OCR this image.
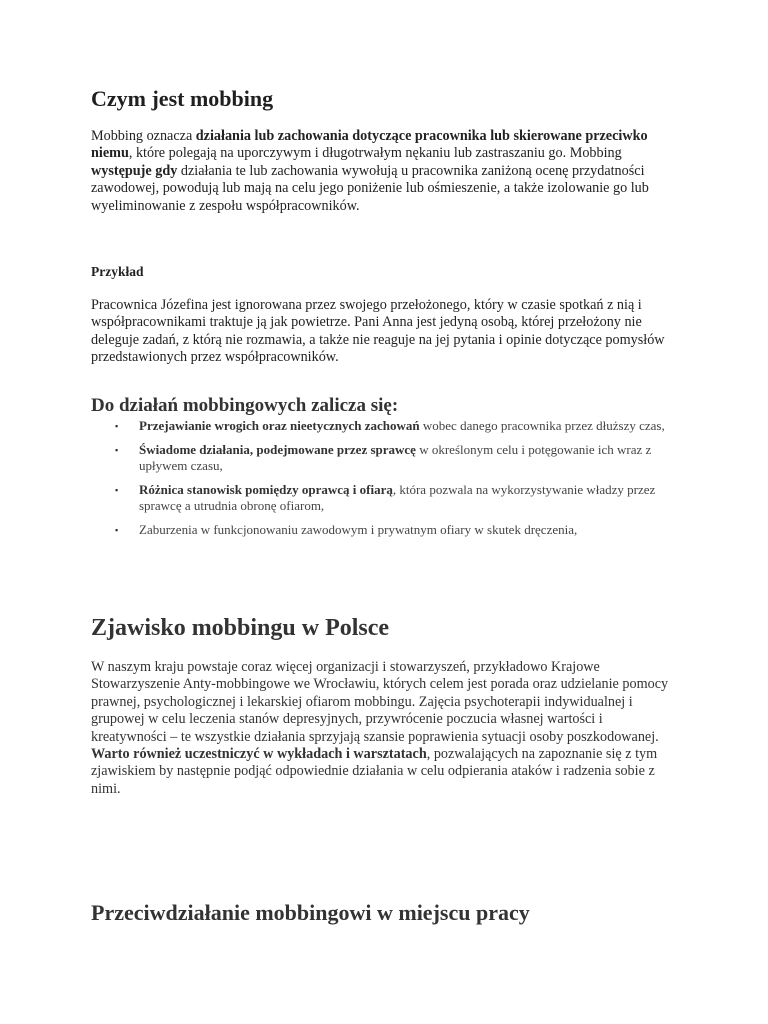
Czym jest mobbing

Mobbing oznacza działania lub zachowania dotyczące pracownika lub skierowane przeciwko niemu, które polegają na uporczywym i długotrwałym nękaniu lub zastraszaniu go. Mobbing występuje gdy działania te lub zachowania wywołują u pracownika zaniżoną ocenę przydatności zawodowej, powodują lub mają na celu jego poniżenie lub ośmieszenie, a także izolowanie go lub wyeliminowanie z zespołu współpracowników.

Przykład

Pracownica Józefina jest ignorowana przez swojego przełożonego, który w czasie spotkań z nią i współpracownikami traktuje ją jak powietrze. Pani Anna jest jedyną osobą, której przełożony nie deleguje zadań, z którą nie rozmawia, a także nie reaguje na jej pytania i opinie dotyczące pomysłów przedstawionych przez współpracowników.

Do działań mobbingowych zalicza się:
▪ Przejawianie wrogich oraz nieetycznych zachowań wobec danego pracownika przez dłuższy czas,
▪ Świadome działania, podejmowane przez sprawcę w określonym celu i potęgowanie ich wraz z upływem czasu,
▪ Różnica stanowisk pomiędzy oprawcą i ofiarą, która pozwala na wykorzystywanie władzy przez sprawcę a utrudnia obronę ofiarom,
▪ Zaburzenia w funkcjonowaniu zawodowym i prywatnym ofiary w skutek dręczenia,
Zjawisko mobbingu w Polsce

W naszym kraju powstaje coraz więcej organizacji i stowarzyszeń, przykładowo Krajowe Stowarzyszenie Anty-mobbingowe we Wrocławiu, których celem jest porada oraz udzielanie pomocy prawnej, psychologicznej i lekarskiej ofiarom mobbingu. Zajęcia psychoterapii indywidualnej i grupowej w celu leczenia stanów depresyjnych, przywrócenie poczucia własnej wartości i kreatywności – te wszystkie działania sprzyjają szansie poprawienia sytuacji osoby poszkodowanej. Warto również uczestniczyć w wykładach i warsztatach, pozwalających na zapoznanie się z tym zjawiskiem by następnie podjąć odpowiednie działania w celu odpierania ataków i radzenia sobie z nimi.

Przeciwdziałanie mobbingowi w miejscu pracy
